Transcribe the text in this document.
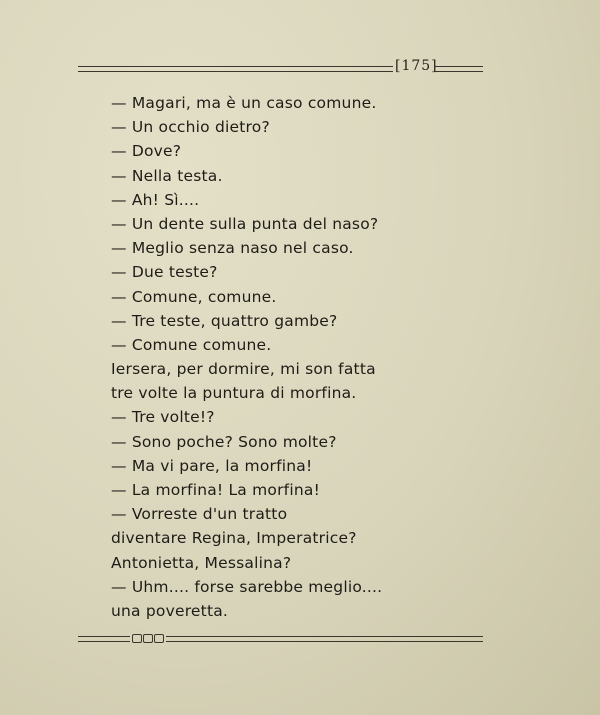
[175]
— Magari, ma è un caso comune.
— Un occhio dietro?
— Dove?
— Nella testa.
— Ah! Sì....
— Un dente sulla punta del naso?
— Meglio senza naso nel caso.
— Due teste?
— Comune, comune.
— Tre teste, quattro gambe?
— Comune comune.
Iersera, per dormire, mi son fatta
tre volte la puntura di morfina.
— Tre volte!?
— Sono poche? Sono molte?
— Ma vi pare, la morfina!
— La morfina! La morfina!
— Vorreste d'un tratto
diventare Regina, Imperatrice?
Antonietta, Messalina?
— Uhm.... forse sarebbe meglio....
una poveretta.
